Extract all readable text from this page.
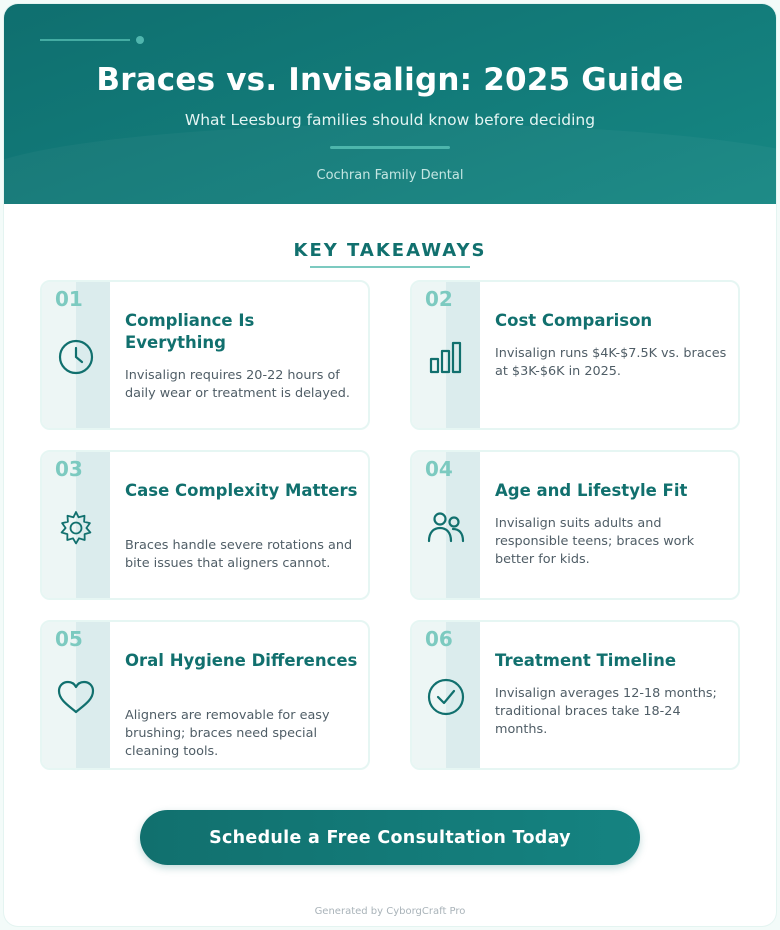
Braces vs. Invisalign: 2025 Guide
What Leesburg families should know before deciding
Cochran Family Dental
KEY TAKEAWAYS
01
Compliance Is Everything
Invisalign requires 20-22 hours of daily wear or treatment is delayed.
02
Cost Comparison
Invisalign runs $4K-$7.5K vs. braces at $3K-$6K in 2025.
03
Case Complexity Matters
Braces handle severe rotations and bite issues that aligners cannot.
04
Age and Lifestyle Fit
Invisalign suits adults and responsible teens; braces work better for kids.
05
Oral Hygiene Differences
Aligners are removable for easy brushing; braces need special cleaning tools.
06
Treatment Timeline
Invisalign averages 12-18 months; traditional braces take 18-24 months.
Schedule a Free Consultation Today
Generated by CyborgCraft Pro
